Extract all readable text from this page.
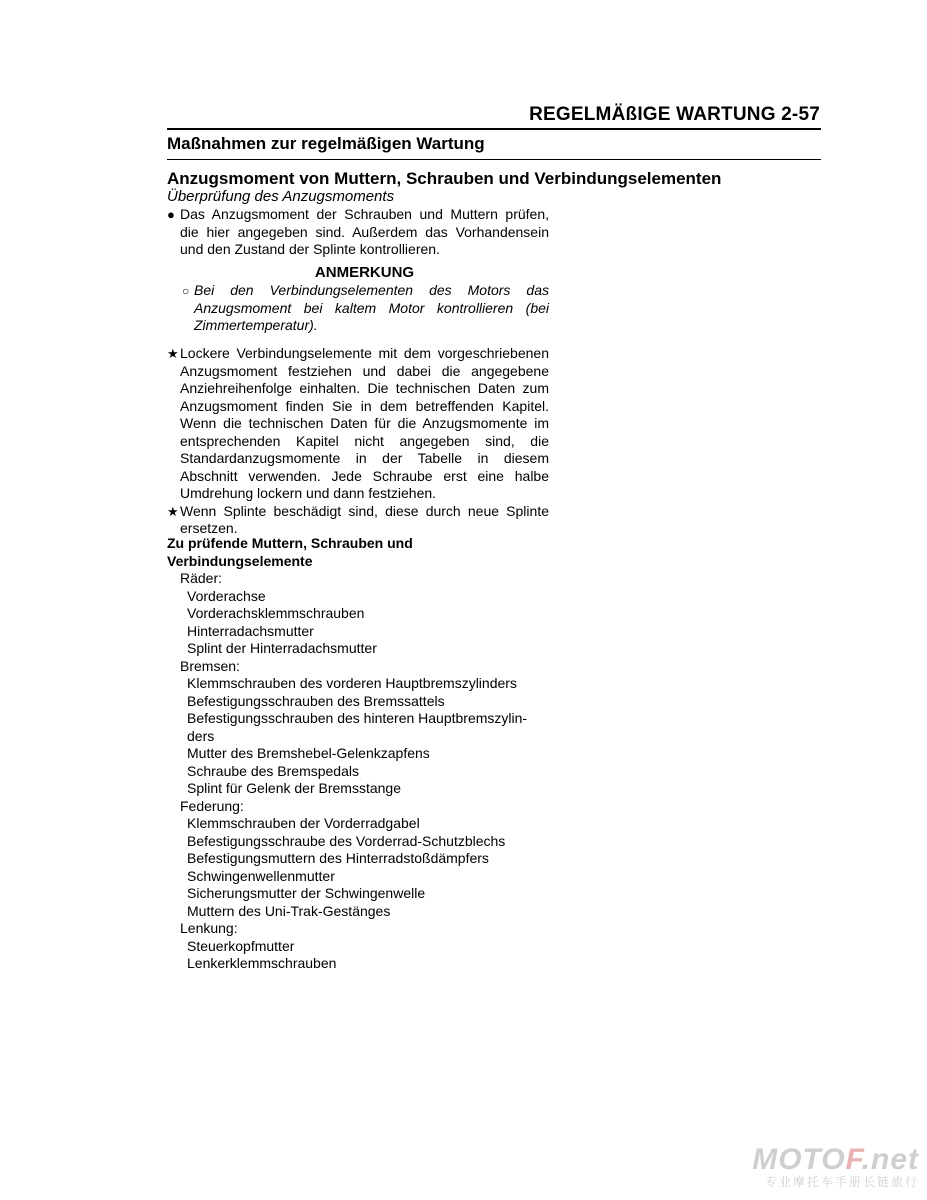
REGELMÄßIGE WARTUNG 2-57
Maßnahmen zur regelmäßigen Wartung
Anzugsmoment von Muttern, Schrauben und Verbindungselementen
Überprüfung des Anzugsmoments
● Das Anzugsmoment der Schrauben und Muttern prüfen, die hier angegeben sind. Außerdem das Vorhandensein und den Zustand der Splinte kontrollieren.
ANMERKUNG
○ Bei den Verbindungselementen des Motors das Anzugsmoment bei kaltem Motor kontrollieren (bei Zimmertemperatur).
★ Lockere Verbindungselemente mit dem vorgeschriebenen Anzugsmoment festziehen und dabei die angegebene Anziehreihenfolge einhalten. Die technischen Daten zum Anzugsmoment finden Sie in dem betreffenden Kapitel. Wenn die technischen Daten für die Anzugsmomente im entsprechenden Kapitel nicht angegeben sind, die Standardanzugsmomente in der Tabelle in diesem Abschnitt verwenden. Jede Schraube erst eine halbe Umdrehung lockern und dann festziehen.
★ Wenn Splinte beschädigt sind, diese durch neue Splinte ersetzen.
Zu prüfende Muttern, Schrauben und
Verbindungselemente
Räder:
Vorderachse
Vorderachsklemmschrauben
Hinterradachsmutter
Splint der Hinterradachsmutter
Bremsen:
Klemmschrauben des vorderen Hauptbremszylinders
Befestigungsschrauben des Bremssattels
Befestigungsschrauben des hinteren Hauptbremszylin-
ders
Mutter des Bremshebel-Gelenkzapfens
Schraube des Bremspedals
Splint für Gelenk der Bremsstange
Federung:
Klemmschrauben der Vorderradgabel
Befestigungsschraube des Vorderrad-Schutzblechs
Befestigungsmuttern des Hinterradstoßdämpfers
Schwingenwellenmutter
Sicherungsmutter der Schwingenwelle
Muttern des Uni-Trak-Gestänges
Lenkung:
Steuerkopfmutter
Lenkerklemmschrauben
MOTOF.net
专业摩托车手册长链旅行
